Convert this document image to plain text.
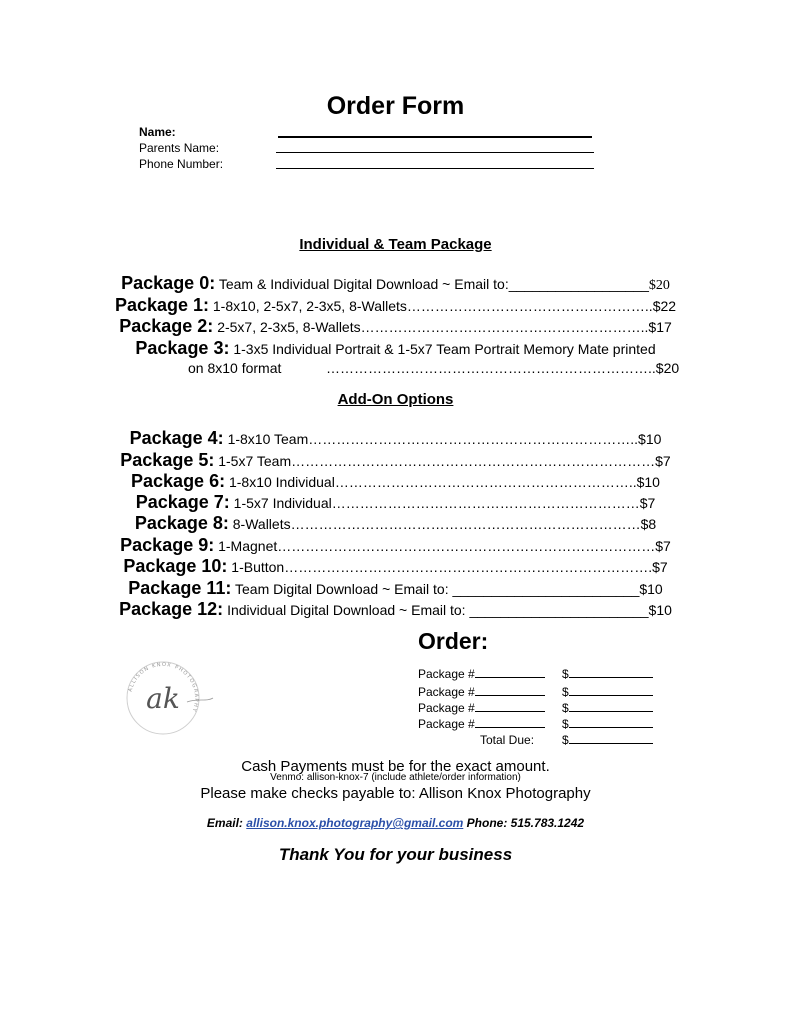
Order Form
Name:
Parents Name:
Phone Number:
Individual & Team Package
Package 0: Team & Individual Digital Download ~ Email to:__________________$20
Package 1: 1-8x10, 2-5x7, 2-3x5, 8-Wallets……………………………………………..$22
Package 2: 2-5x7, 2-3x5, 8-Wallets……………………………………………………..$17
Package 3: 1-3x5 Individual Portrait & 1-5x7 Team Portrait Memory Mate printed
on 8x10 format	……………………………………………………………..$20
Add-On Options
Package 4: 1-8x10 Team……………………………………………………………..$10
Package 5: 1-5x7 Team……………………………………………………………………$7
Package 6: 1-8x10 Individual………………………………………………………..$10
Package 7: 1-5x7 Individual…………………………………………………………$7
Package 8: 8-Wallets…………………………………………………………………$8
Package 9: 1-Magnet………………………………………………………………………$7
Package 10: 1-Button…………………………………………………………………….$7
Package 11: Team Digital Download ~ Email to: ________________________$10
Package 12: Individual Digital Download ~ Email to: _______________________$10
Order:
Package #	$
Package #	$
Package #	$
Package #	$
Total Due: $
ALLISON KNOX PHOTOGRAPHY
ak
Cash Payments must be for the exact amount.
Venmo: allison-knox-7 (include athlete/order information)
Please make checks payable to: Allison Knox Photography
Email: allison.knox.photography@gmail.com Phone: 515.783.1242
Thank You for your business
